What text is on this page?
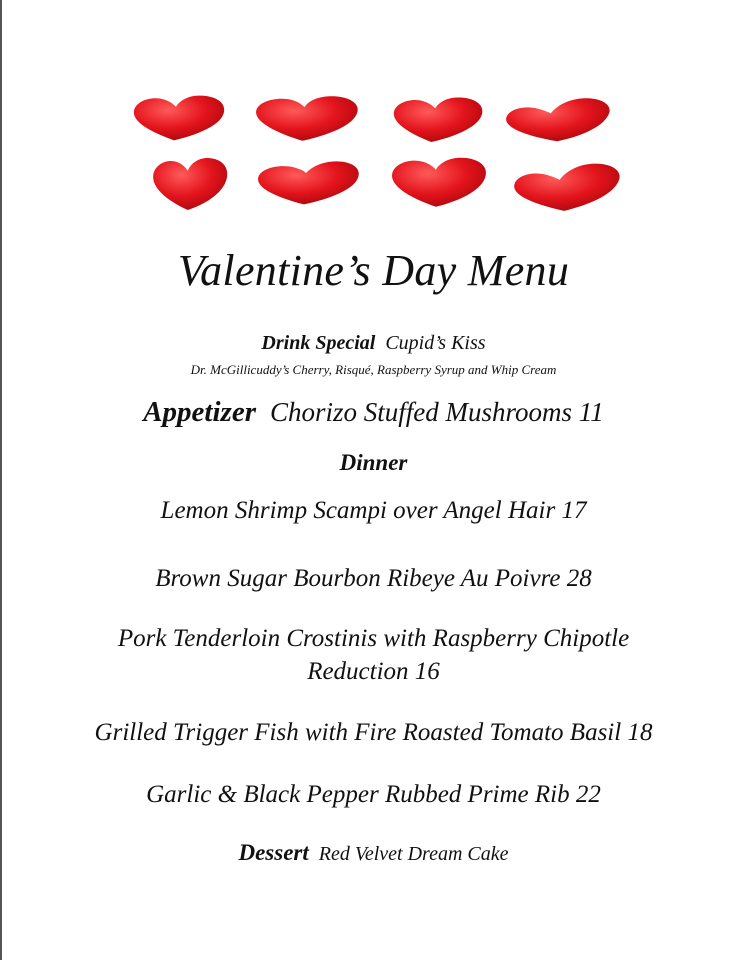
Valentine’s Day Menu
Drink Special Cupid’s Kiss
Dr. McGillicuddy’s Cherry, Risqué, Raspberry Syrup and Whip Cream
Appetizer Chorizo Stuffed Mushrooms 11
Dinner
Lemon Shrimp Scampi over Angel Hair 17
Brown Sugar Bourbon Ribeye Au Poivre 28
Pork Tenderloin Crostinis with Raspberry Chipotle
Reduction 16
Grilled Trigger Fish with Fire Roasted Tomato Basil 18
Garlic & Black Pepper Rubbed Prime Rib 22
Dessert Red Velvet Dream Cake
